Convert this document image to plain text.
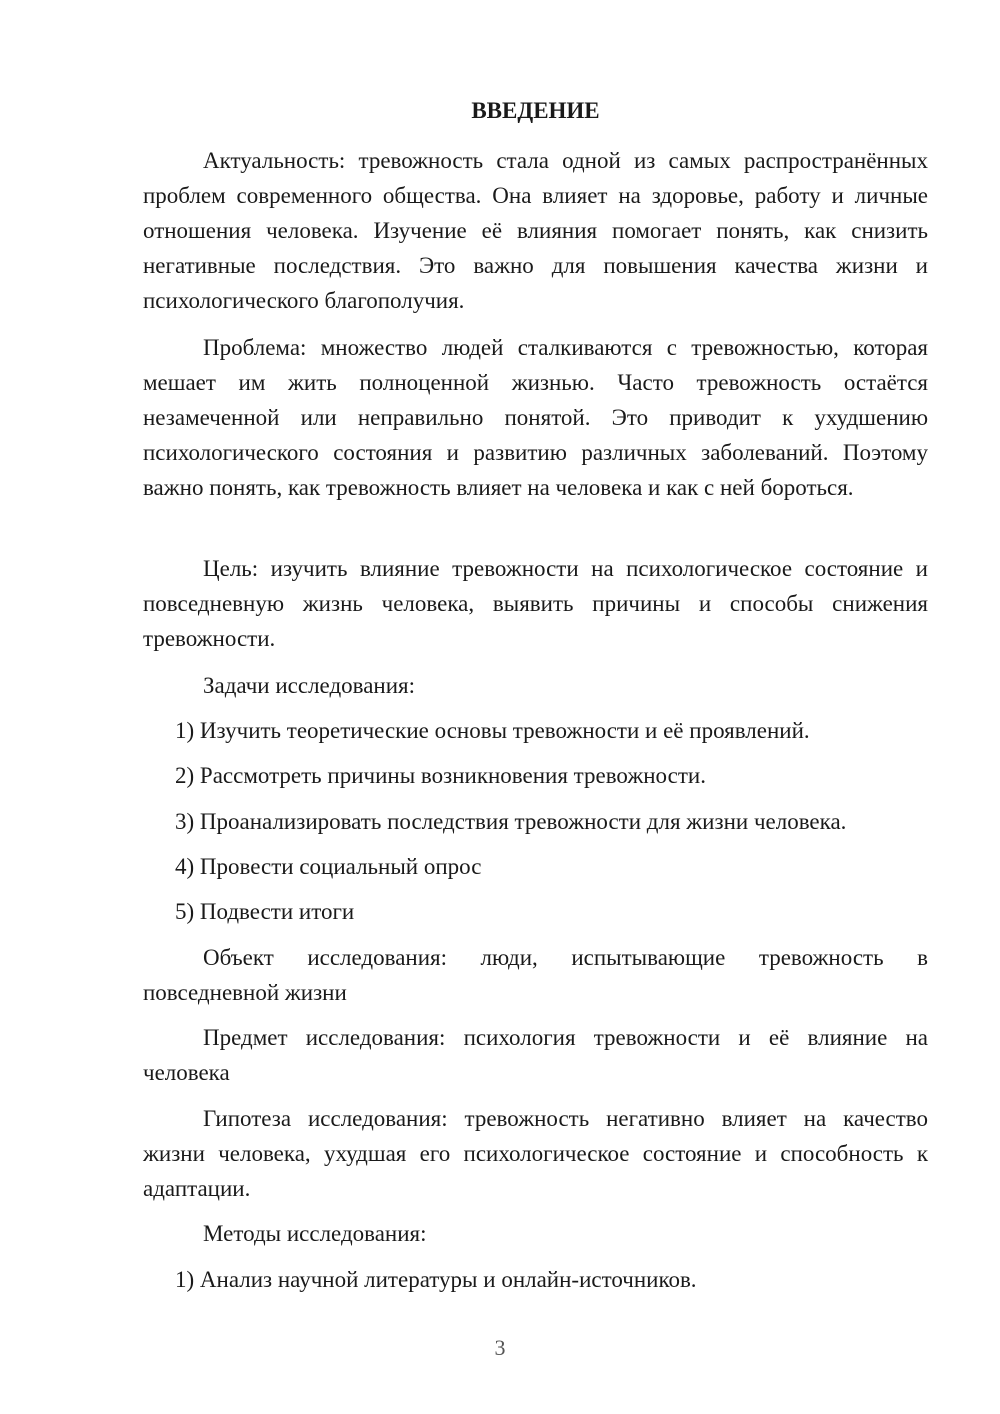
ВВЕДЕНИЕ

Актуальность: тревожность стала одной из самых распространённых проблем современного общества. Она влияет на здоровье, работу и личные отношения человека. Изучение её влияния помогает понять, как снизить негативные последствия. Это важно для повышения качества жизни и психологического благополучия.

Проблема: множество людей сталкиваются с тревожностью, которая мешает им жить полноценной жизнью. Часто тревожность остаётся незамеченной или неправильно понятой. Это приводит к ухудшению психологического состояния и развитию различных заболеваний. Поэтому важно понять, как тревожность влияет на человека и как с ней бороться.

Цель: изучить влияние тревожности на психологическое состояние и повседневную жизнь человека, выявить причины и способы снижения тревожности.

Задачи исследования:

1) Изучить теоретические основы тревожности и её проявлений.

2) Рассмотреть причины возникновения тревожности.

3) Проанализировать последствия тревожности для жизни человека.

4) Провести социальный опрос

5) Подвести итоги

Объект исследования: люди, испытывающие тревожность в повседневной жизни

Предмет исследования: психология тревожности и её влияние на человека

Гипотеза исследования: тревожность негативно влияет на качество жизни человека, ухудшая его психологическое состояние и способность к адаптации.

Методы исследования:

1) Анализ научной литературы и онлайн-источников.

3
